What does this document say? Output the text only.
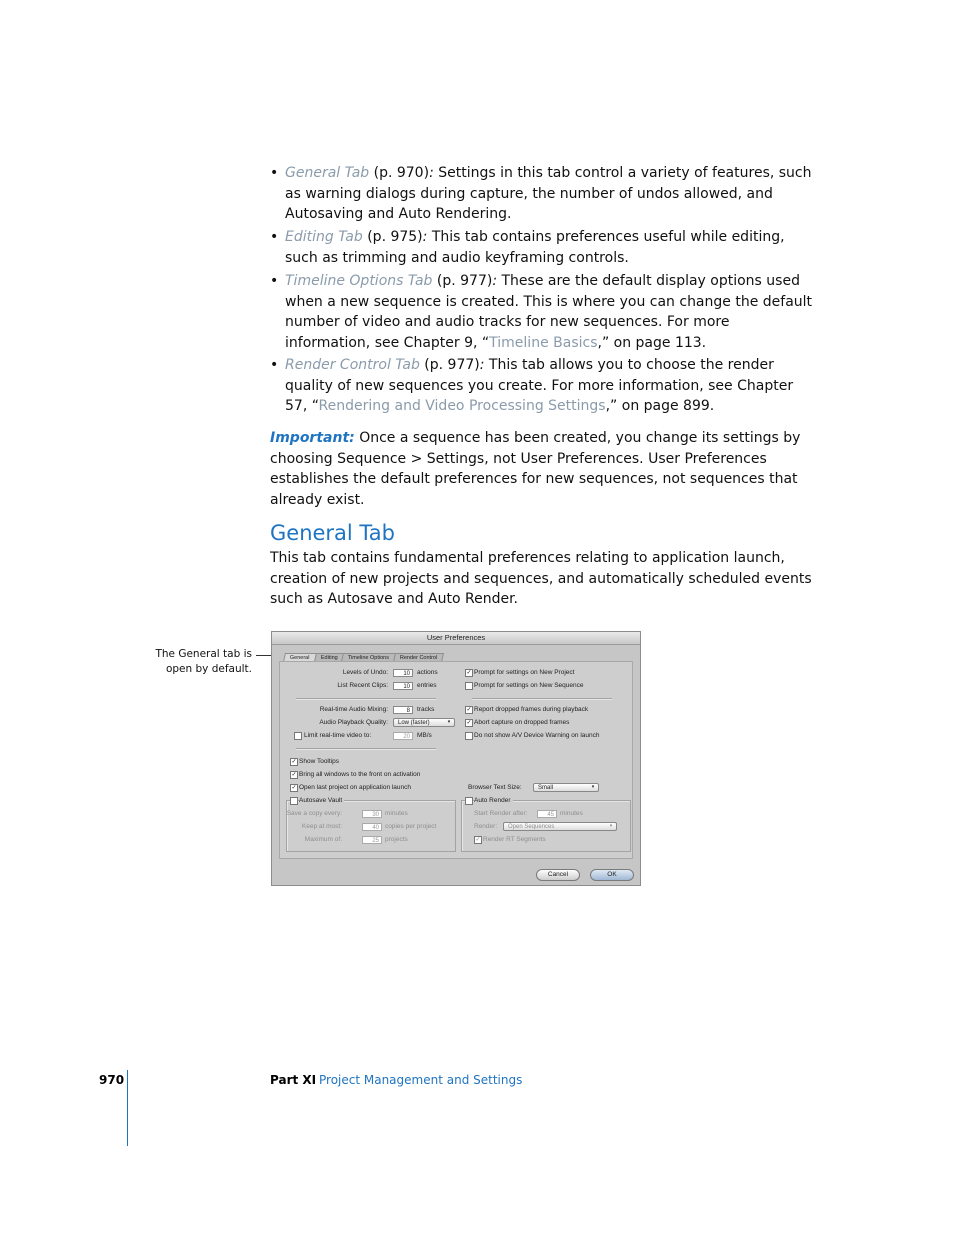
• General Tab (p. 970): Settings in this tab control a variety of features, such as warning dialogs during capture, the number of undos allowed, and Autosaving and Auto Rendering.
• Editing Tab (p. 975): This tab contains preferences useful while editing, such as trimming and audio keyframing controls.
• Timeline Options Tab (p. 977): These are the default display options used when a new sequence is created. This is where you can change the default number of video and audio tracks for new sequences. For more information, see Chapter 9, “Timeline Basics,” on page 113.
• Render Control Tab (p. 977): This tab allows you to choose the render quality of new sequences you create. For more information, see Chapter 57, “Rendering and Video Processing Settings,” on page 899.
Important: Once a sequence has been created, you change its settings by choosing Sequence > Settings, not User Preferences. User Preferences establishes the default preferences for new sequences, not sequences that already exist.
General Tab
This tab contains fundamental preferences relating to application launch, creation of new projects and sequences, and automatically scheduled events such as Autosave and Auto Render.
The General tab is
open by default.
User Preferences
General Editing Timeline Options Render Control
Levels of Undo:	10	actions
List Recent Clips:	10	entries
Real-time Audio Mixing:	8	tracks
Audio Playback Quality:	Low (faster)	▾
Limit real-time video to:	20	MB/s
✓ Prompt for settings on New Project
Prompt for settings on New Sequence
✓ Report dropped frames during playback
✓ Abort capture on dropped frames
Do not show A/V Device Warning on launch
✓ Show Tooltips
✓ Bring all windows to the front on activation
✓ Open last project on application launch	Browser Text Size:	Small	▾
Autosave Vault
Save a copy every:	30 minutes
Keep at most:	40 copies per project
Maximum of:	25 projects
Auto Render
Start Render after:	45 minutes
Render:	Open Sequences	▾
✓ Render RT Segments
Cancel	OK
970	Part XI Project Management and Settings
